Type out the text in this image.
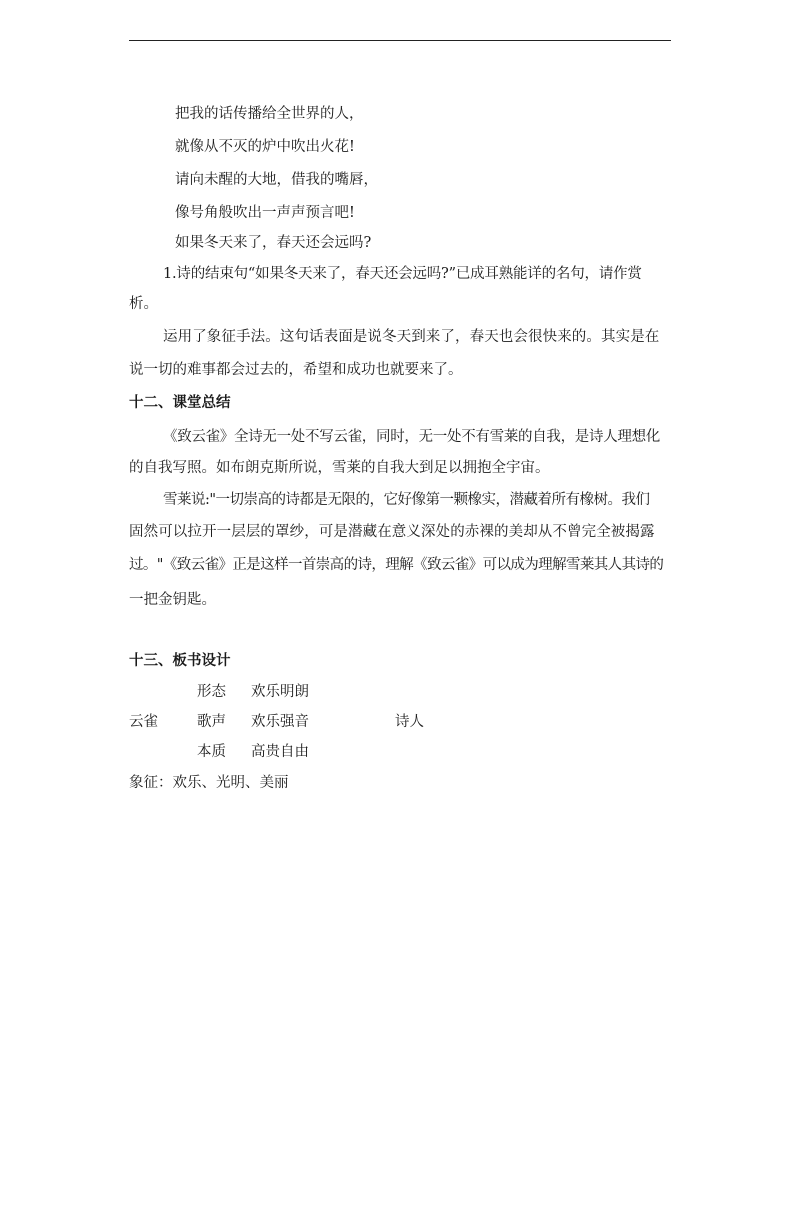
把我的话传播给全世界的人，
就像从不灭的炉中吹出火花!
请向未醒的大地，借我的嘴唇，
像号角般吹出一声声预言吧!
如果冬天来了，春天还会远吗?
1.诗的结束句“如果冬天来了，春天还会远吗?”已成耳熟能详的名句，请作赏
析。
运用了象征手法。这句话表面是说冬天到来了，春天也会很快来的。其实是在
说一切的难事都会过去的，希望和成功也就要来了。
十二、课堂总结
《致云雀》全诗无一处不写云雀，同时，无一处不有雪莱的自我，是诗人理想化
的自我写照。如布朗克斯所说，雪莱的自我大到足以拥抱全宇宙。
雪莱说:"一切崇高的诗都是无限的，它好像第一颗橡实，潜藏着所有橡树。我们
固然可以拉开一层层的罩纱，可是潜藏在意义深处的赤裸的美却从不曾完全被揭露
过。"《致云雀》正是这样一首崇高的诗，理解《致云雀》可以成为理解雪莱其人其诗的
一把金钥匙。
十三、板书设计
形态 欢乐明朗
云雀	歌声 欢乐强音	诗人
本质 高贵自由
象征：欢乐、光明、美丽
